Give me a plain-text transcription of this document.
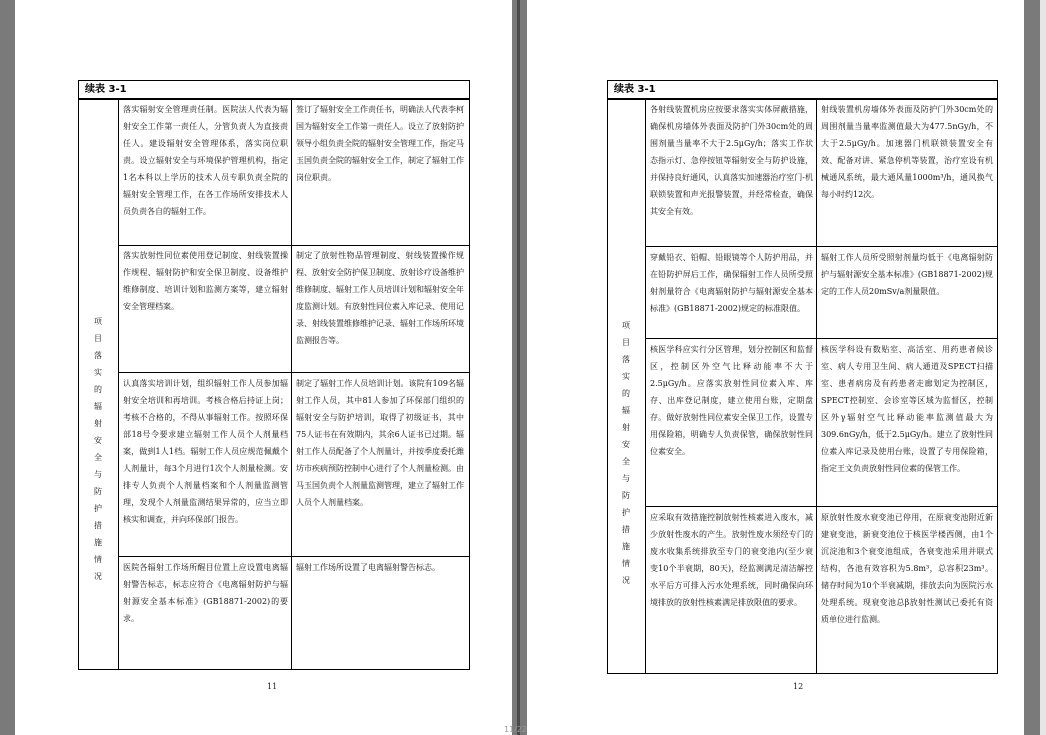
续表 3-1
项目落实的辐射安全与防护措施情况
落实辐射安全管理责任制。医院法人代表为辐射安全工作第一责任人，分管负责人为直接责任人。建设辐射安全管理体系，落实岗位职责。设立辐射安全与环境保护管理机构，指定1名本科以上学历的技术人员专职负责全院的辐射安全管理工作，在各工作场所安排技术人员负责各自的辐射工作。
签订了辐射安全工作责任书，明确法人代表李柯国为辐射安全工作第一责任人。设立了放射防护领导小组负责全院的辐射安全管理工作，指定马玉国负责全院的辐射安全工作，制定了辐射工作岗位职责。
落实放射性同位素使用登记制度、射线装置操作规程、辐射防护和安全保卫制度、设备维护维修制度、培训计划和监测方案等，建立辐射安全管理档案。
制定了放射性物品管理制度、射线装置操作规程、放射安全防护保卫制度、放射诊疗设备维护维修制度、辐射工作人员培训计划和辐射安全年度监测计划。有放射性同位素入库记录、使用记录、射线装置维修维护记录、辐射工作场所环境监测报告等。
认真落实培训计划，组织辐射工作人员参加辐射安全培训和再培训。考核合格后持证上岗；考核不合格的，不得从事辐射工作。按照环保部18号令要求建立辐射工作人员个人剂量档案，做到1人1档。辐射工作人员应规范佩戴个人剂量计，每3个月进行1次个人剂量检测。安排专人负责个人剂量档案和个人剂量监测管理，发现个人剂量监测结果异常的，应当立即核实和调查，并向环保部门报告。
制定了辐射工作人员培训计划。该院有109名辐射工作人员，其中81人参加了环保部门组织的辐射安全与防护培训，取得了初级证书，其中75人证书在有效期内，其余6人证书已过期。辐射工作人员配备了个人剂量计，并按季度委托潍坊市疾病预防控制中心进行了个人剂量检测。由马玉国负责个人剂量监测管理，建立了辐射工作人员个人剂量档案。
医院各辐射工作场所醒目位置上应设置电离辐射警告标志，标志应符合《电离辐射防护与辐射源安全基本标准》(GB18871-2002)的要求。
辐射工作场所设置了电离辐射警告标志。
11
续表 3-1
项目落实的辐射安全与防护措施情况
各射线装置机房应按要求落实实体屏蔽措施，确保机房墙体外表面及防护门外30cm处的周围剂量当量率不大于2.5μGy/h；落实工作状态指示灯、急停按钮等辐射安全与防护设施，并保持良好通风，认真落实加速器治疗室门-机联锁装置和声光报警装置，并经常检查，确保其安全有效。
射线装置机房墙体外表面及防护门外30cm处的周围剂量当量率监测值最大为477.5nGy/h，不大于2.5μGy/h。加速器门机联锁装置安全有效、配备对讲、紧急停机等装置，治疗室设有机械通风系统，最大通风量1000m³/h，通风换气每小时约12次。
穿戴铅衣、铅帽、铅眼镜等个人防护用品，并在铅防护屏后工作，确保辐射工作人员所受照射剂量符合《电离辐射防护与辐射源安全基本标准》(GB18871-2002)规定的标准限值。
辐射工作人员所受照射剂量均低于《电离辐射防护与辐射源安全基本标准》(GB18871-2002)规定的工作人员20mSv/a剂量限值。
核医学科应实行分区管理，划分控制区和监督区，控制区外空气比释动能率不大于2.5μGy/h。应落实放射性同位素入库、库存、出库登记制度，建立使用台账，定期盘存。做好放射性同位素安全保卫工作，设置专用保险箱，明确专人负责保管，确保放射性同位素安全。
核医学科设有数贴室、高活室、用药患者候诊室、病人专用卫生间、病人通道及SPECT扫描室、患者病房及有药患者走廊划定为控制区，SPECT控制室、会诊室等区域为监督区，控制区外γ辐射空气比释动能率监测值最大为309.6nGy/h，低于2.5μGy/h。建立了放射性同位素入库记录及使用台账，设置了专用保险箱，指定王文负责放射性同位素的保管工作。
应采取有效措施控制放射性核素进入废水，减少放射性废水的产生。放射性废水须经专门的废水收集系统排放至专门的衰变池内(至少衰变10个半衰期，80天)，经监测满足清洁解控水平后方可排入污水处理系统，同时确保向环境排放的放射性核素满足排放限值的要求。
原放射性废水衰变池已停用，在原衰变池附近新建衰变池，新衰变池位于核医学楼西侧，由1个沉淀池和3个衰变池组成，各衰变池采用并联式结构，各池有效容积为5.8m³，总容积23m³。储存时间为10个半衰减期，排放去向为医院污水处理系统。现衰变池总β放射性测试已委托有资质单位进行监测。
12
11/22
